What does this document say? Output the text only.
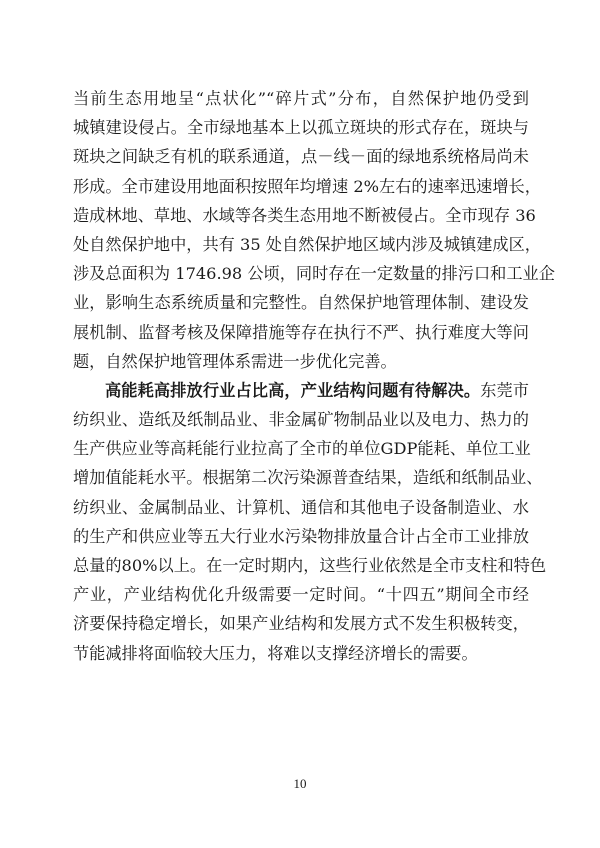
当前生态用地呈“点状化”“碎片式”分布，自然保护地仍受到
城镇建设侵占。全市绿地基本上以孤立斑块的形式存在，斑块与
斑块之间缺乏有机的联系通道，点－线－面的绿地系统格局尚未
形成。全市建设用地面积按照年均增速 2%左右的速率迅速增长，
造成林地、草地、水域等各类生态用地不断被侵占。全市现存 36
处自然保护地中，共有 35 处自然保护地区域内涉及城镇建成区，
涉及总面积为 1746.98 公顷，同时存在一定数量的排污口和工业企
业，影响生态系统质量和完整性。自然保护地管理体制、建设发
展机制、监督考核及保障措施等存在执行不严、执行难度大等问
题，自然保护地管理体系需进一步优化完善。
高能耗高排放行业占比高，产业结构问题有待解决。东莞市
纺织业、造纸及纸制品业、非金属矿物制品业以及电力、热力的
生产供应业等高耗能行业拉高了全市的单位GDP能耗、单位工业
增加值能耗水平。根据第二次污染源普查结果，造纸和纸制品业、
纺织业、金属制品业、计算机、通信和其他电子设备制造业、水
的生产和供应业等五大行业水污染物排放量合计占全市工业排放
总量的80%以上。在一定时期内，这些行业依然是全市支柱和特色
产业，产业结构优化升级需要一定时间。“十四五”期间全市经
济要保持稳定增长，如果产业结构和发展方式不发生积极转变，
节能减排将面临较大压力，将难以支撑经济增长的需要。
10
